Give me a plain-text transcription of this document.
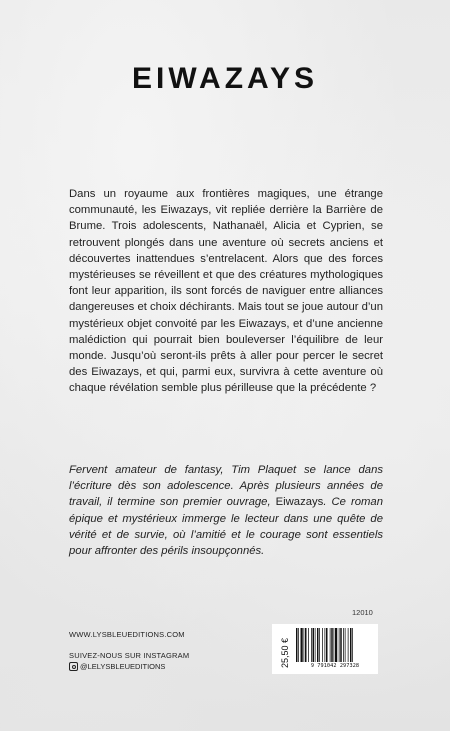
EIWAZAYS
Dans un royaume aux frontières magiques, une étrange communauté, les Eiwazays, vit repliée derrière la Barrière de Brume. Trois adolescents, Nathanaël, Alicia et Cyprien, se retrouvent plongés dans une aventure où secrets anciens et découvertes inattendues s’entrelacent. Alors que des forces mystérieuses se réveillent et que des créatures mythologiques font leur apparition, ils sont forcés de naviguer entre alliances dangereuses et choix déchirants. Mais tout se joue autour d’un mystérieux objet convoité par les Eiwazays, et d’une ancienne malédiction qui pourrait bien bouleverser l’équilibre de leur monde. Jusqu’où seront-ils prêts à aller pour percer le secret des Eiwazays, et qui, parmi eux, survivra à cette aventure où chaque révélation semble plus périlleuse que la précédente ?
Fervent amateur de fantasy, Tim Plaquet se lance dans l’écriture dès son adolescence. Après plusieurs années de travail, il termine son premier ouvrage, Eiwazays. Ce roman épique et mystérieux immerge le lecteur dans une quête de vérité et de survie, où l’amitié et le courage sont essentiels pour affronter des périls insoupçonnés.
12010
WWW.LYSBLEUEDITIONS.COM
SUIVEZ-NOUS SUR INSTAGRAM
@LELYSBLEUEDITIONS	25,50 €	9 791042 297328
